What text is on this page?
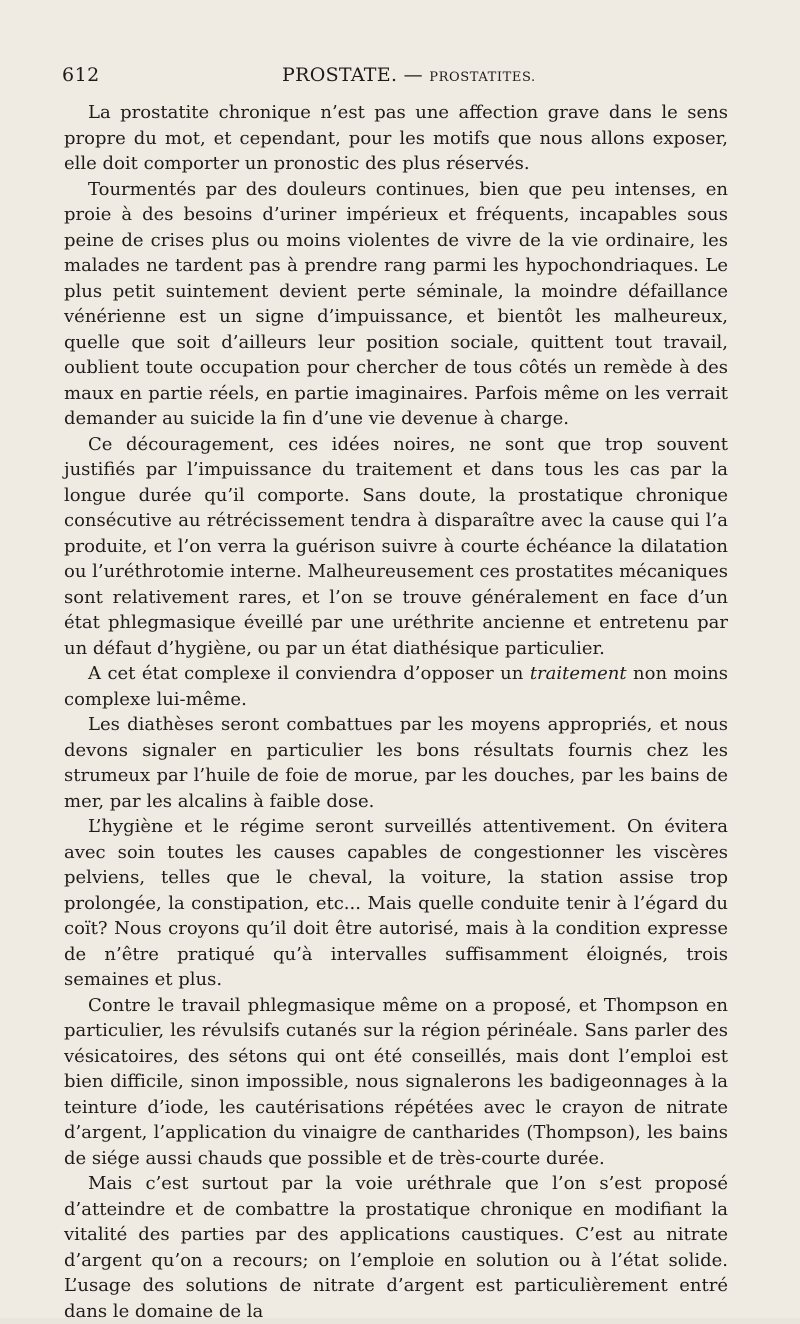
612	PROSTATE. — PROSTATITES.

La prostatite chronique n’est pas une affection grave dans le sens propre du mot, et cependant, pour les motifs que nous allons exposer, elle doit comporter un pronostic des plus réservés.

Tourmentés par des douleurs continues, bien que peu intenses, en proie à des besoins d’uriner impérieux et fréquents, incapables sous peine de crises plus ou moins violentes de vivre de la vie ordinaire, les malades ne tardent pas à prendre rang parmi les hypochondriaques. Le plus petit suintement devient perte séminale, la moindre défaillance vénérienne est un signe d’impuissance, et bientôt les malheureux, quelle que soit d’ailleurs leur position sociale, quittent tout travail, oublient toute occupation pour chercher de tous côtés un remède à des maux en partie réels, en partie imaginaires. Parfois même on les verrait demander au suicide la fin d’une vie devenue à charge.

Ce découragement, ces idées noires, ne sont que trop souvent justifiés par l’impuissance du traitement et dans tous les cas par la longue durée qu’il comporte. Sans doute, la prostatique chronique consécutive au rétrécissement tendra à disparaître avec la cause qui l’a produite, et l’on verra la guérison suivre à courte échéance la dilatation ou l’uréthrotomie interne. Malheureusement ces prostatites mécaniques sont relativement rares, et l’on se trouve généralement en face d’un état phlegmasique éveillé par une uréthrite ancienne et entretenu par un défaut d’hygiène, ou par un état diathésique particulier.

A cet état complexe il conviendra d’opposer un traitement non moins complexe lui-même.

Les diathèses seront combattues par les moyens appropriés, et nous devons signaler en particulier les bons résultats fournis chez les strumeux par l’huile de foie de morue, par les douches, par les bains de mer, par les alcalins à faible dose.

L’hygiène et le régime seront surveillés attentivement. On évitera avec soin toutes les causes capables de congestionner les viscères pelviens, telles que le cheval, la voiture, la station assise trop prolongée, la constipation, etc... Mais quelle conduite tenir à l’égard du coït? Nous croyons qu’il doit être autorisé, mais à la condition expresse de n’être pratiqué qu’à intervalles suffisamment éloignés, trois semaines et plus.

Contre le travail phlegmasique même on a proposé, et Thompson en particulier, les révulsifs cutanés sur la région périnéale. Sans parler des vésicatoires, des sétons qui ont été conseillés, mais dont l’emploi est bien difficile, sinon impossible, nous signalerons les badigeonnages à la teinture d’iode, les cautérisations répétées avec le crayon de nitrate d’argent, l’application du vinaigre de cantharides (Thompson), les bains de siége aussi chauds que possible et de très-courte durée.

Mais c’est surtout par la voie uréthrale que l’on s’est proposé d’atteindre et de combattre la prostatique chronique en modifiant la vitalité des parties par des applications caustiques. C’est au nitrate d’argent qu’on a recours; on l’emploie en solution ou à l’état solide. L’usage des solutions de nitrate d’argent est particulièrement entré dans le domaine de la
